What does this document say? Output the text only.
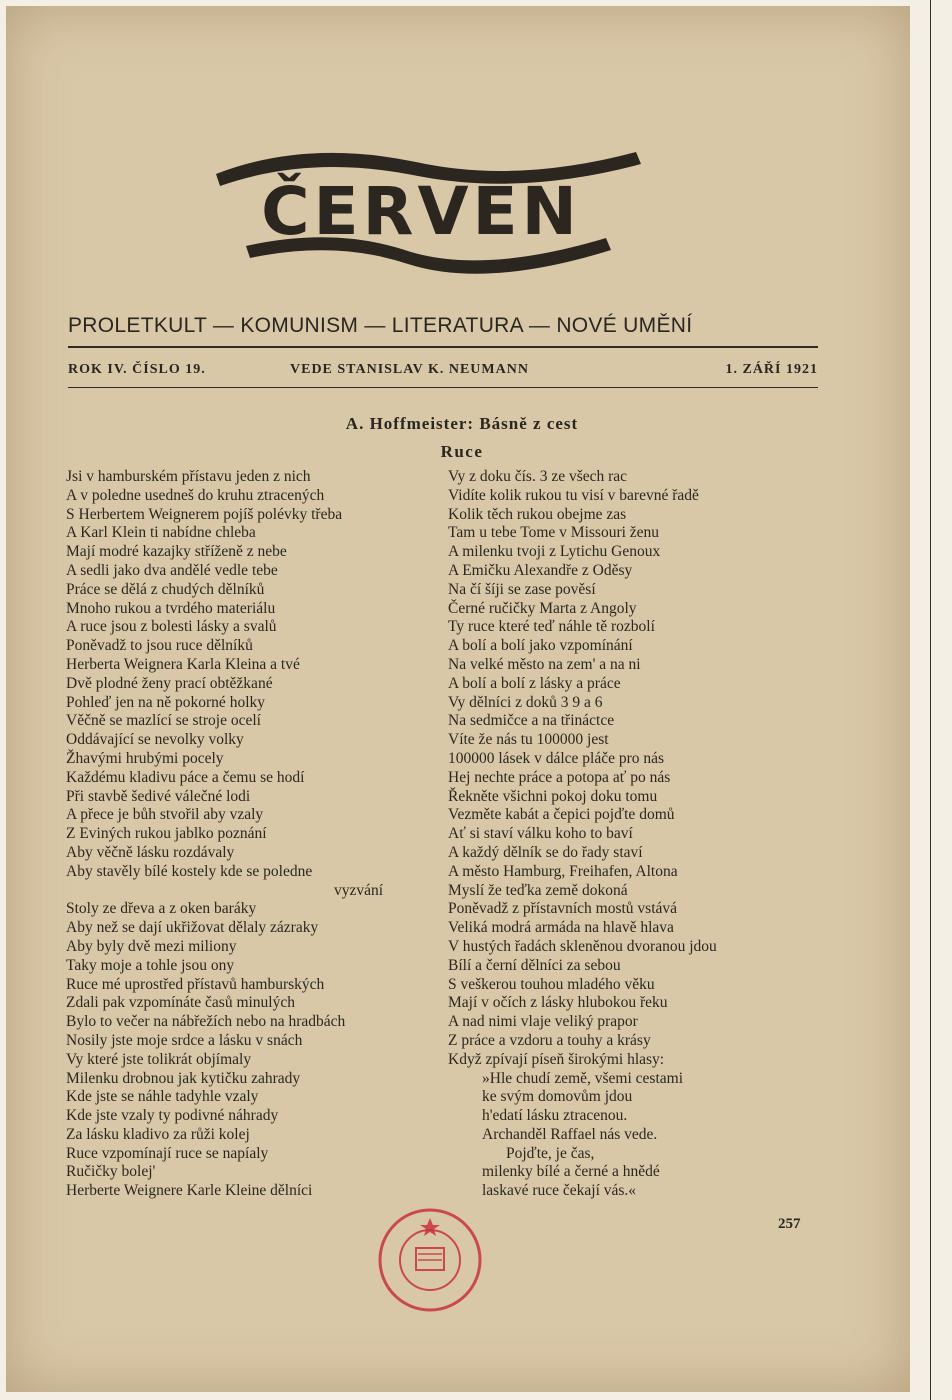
ČERVEN
PROLETKULT — KOMUNISM — LITERATURA — NOVÉ UMĚNÍ
ROK IV. ČÍSLO 19.	VEDE STANISLAV K. NEUMANN	1. ZÁŘÍ 1921
A. Hoffmeister: Básně z cest
Ruce
Jsi v hamburském přístavu jeden z nich
A v poledne usedneš do kruhu ztracených
S Herbertem Weignerem pojíš polévky třeba
A Karl Klein ti nabídne chleba
Mají modré kazajky stříženě z nebe
A sedli jako dva andělé vedle tebe
Práce se dělá z chudých dělníků
Mnoho rukou a tvrdého materiálu
A ruce jsou z bolesti lásky a svalů
Poněvadž to jsou ruce dělníků
Herberta Weignera Karla Kleina a tvé
Dvě plodné ženy prací obtěžkané
Pohleď jen na ně pokorné holky
Věčně se mazlící se stroje ocelí
Oddávající se nevolky volky
Žhavými hrubými pocely
Každému kladivu páce a čemu se hodí
Při stavbě šedivé válečné lodi
A přece je bůh stvořil aby vzaly
Z Eviných rukou jablko poznání
Aby věčně lásku rozdávaly
Aby stavěly bílé kostely kde se poledne
vyzvání
Stoly ze dřeva a z oken baráky
Aby než se dají ukřižovat dělaly zázraky
Aby byly dvě mezi miliony
Taky moje a tohle jsou ony
Ruce mé uprostřed přístavů hamburských
Zdali pak vzpomínáte časů minulých
Bylo to večer na nábřežích nebo na hradbách
Nosily jste moje srdce a lásku v snách
Vy které jste tolikrát objímaly
Milenku drobnou jak kytičku zahrady
Kde jste se náhle tadyhle vzaly
Kde jste vzaly ty podivné náhrady
Za lásku kladivo za růži kolej
Ruce vzpomínají ruce se napíaly
Ručičky bolej'
Herberte Weignere Karle Kleine dělníci
Vy z doku čís. 3 ze všech rac
Vidíte kolik rukou tu visí v barevné řadě
Kolik těch rukou obejme zas
Tam u tebe Tome v Missouri ženu
A milenku tvoji z Lytichu Genoux
A Emičku Alexandře z Oděsy
Na čí šíji se zase pověsí
Černé ručičky Marta z Angoly
Ty ruce které teď náhle tě rozbolí
A bolí a bolí jako vzpomínání
Na velké město na zem' a na ni
A bolí a bolí z lásky a práce
Vy dělníci z doků 3 9 a 6
Na sedmičce a na třináctce
Víte že nás tu 100000 jest
100000 lásek v dálce pláče pro nás
Hej nechte práce a potopa ať po nás
Řekněte všichni pokoj doku tomu
Vezměte kabát a čepici pojďte domů
Ať si staví válku koho to baví
A každý dělník se do řady staví
A město Hamburg, Freihafen, Altona
Myslí že teďka země dokoná
Poněvadž z přístavních mostů vstává
Veliká modrá armáda na hlavě hlava
V hustých řadách skleněnou dvoranou jdou
Bílí a černí dělníci za sebou
S veškerou touhou mladého věku
Mají v očích z lásky hlubokou řeku
A nad nimi vlaje veliký prapor
Z práce a vzdoru a touhy a krásy
Když zpívají píseň širokými hlasy:
»Hle chudí země, všemi cestami
ke svým domovům jdou
h'edatí lásku ztracenou.
Archanděl Raffael nás vede.
Pojďte, je čas,
milenky bílé a černé a hnědé
laskavé ruce čekají vás.«
257
